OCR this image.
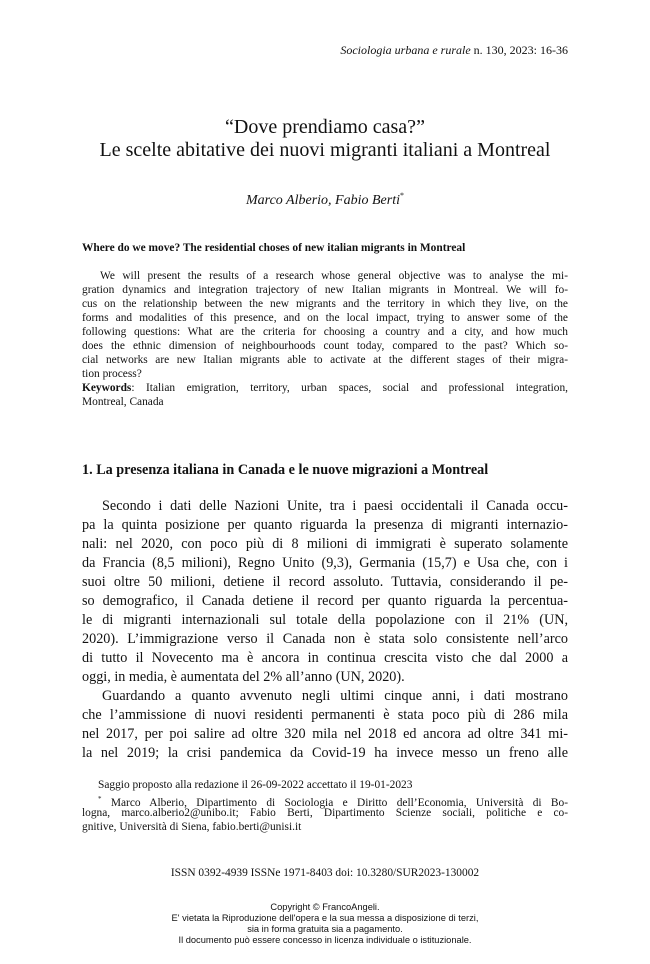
Sociologia urbana e rurale n. 130, 2023: 16-36
“Dove prendiamo casa?”
Le scelte abitative dei nuovi migranti italiani a Montreal
Marco Alberio, Fabio Berti*
Where do we move? The residential choses of new italian migrants in Montreal
We will present the results of a research whose general objective was to analyse the mi-
gration dynamics and integration trajectory of new Italian migrants in Montreal. We will fo-
cus on the relationship between the new migrants and the territory in which they live, on the
forms and modalities of this presence, and on the local impact, trying to answer some of the
following questions: What are the criteria for choosing a country and a city, and how much
does the ethnic dimension of neighbourhoods count today, compared to the past? Which so-
cial networks are new Italian migrants able to activate at the different stages of their migra-
tion process?
Keywords: Italian emigration, territory, urban spaces, social and professional integration,
Montreal, Canada
1. La presenza italiana in Canada e le nuove migrazioni a Montreal
Secondo i dati delle Nazioni Unite, tra i paesi occidentali il Canada occu-
pa la quinta posizione per quanto riguarda la presenza di migranti internazio-
nali: nel 2020, con poco più di 8 milioni di immigrati è superato solamente
da Francia (8,5 milioni), Regno Unito (9,3), Germania (15,7) e Usa che, con i
suoi oltre 50 milioni, detiene il record assoluto. Tuttavia, considerando il pe-
so demografico, il Canada detiene il record per quanto riguarda la percentua-
le di migranti internazionali sul totale della popolazione con il 21% (UN,
2020). L’immigrazione verso il Canada non è stata solo consistente nell’arco
di tutto il Novecento ma è ancora in continua crescita visto che dal 2000 a
oggi, in media, è aumentata del 2% all’anno (UN, 2020).
Guardando a quanto avvenuto negli ultimi cinque anni, i dati mostrano
che l’ammissione di nuovi residenti permanenti è stata poco più di 286 mila
nel 2017, per poi salire ad oltre 320 mila nel 2018 ed ancora ad oltre 341 mi-
la nel 2019; la crisi pandemica da Covid-19 ha invece messo un freno alle
Saggio proposto alla redazione il 26-09-2022 accettato il 19-01-2023
* Marco Alberio, Dipartimento di Sociologia e Diritto dell’Economia, Università di Bo-
logna, marco.alberio2@unibo.it; Fabio Berti, Dipartimento Scienze sociali, politiche e co-
gnitive, Università di Siena, fabio.berti@unisi.it
ISSN 0392-4939 ISSNe 1971-8403 doi: 10.3280/SUR2023-130002
Copyright © FrancoAngeli.
E' vietata la Riproduzione dell'opera e la sua messa a disposizione di terzi,
sia in forma gratuita sia a pagamento.
Il documento può essere concesso in licenza individuale o istituzionale.
